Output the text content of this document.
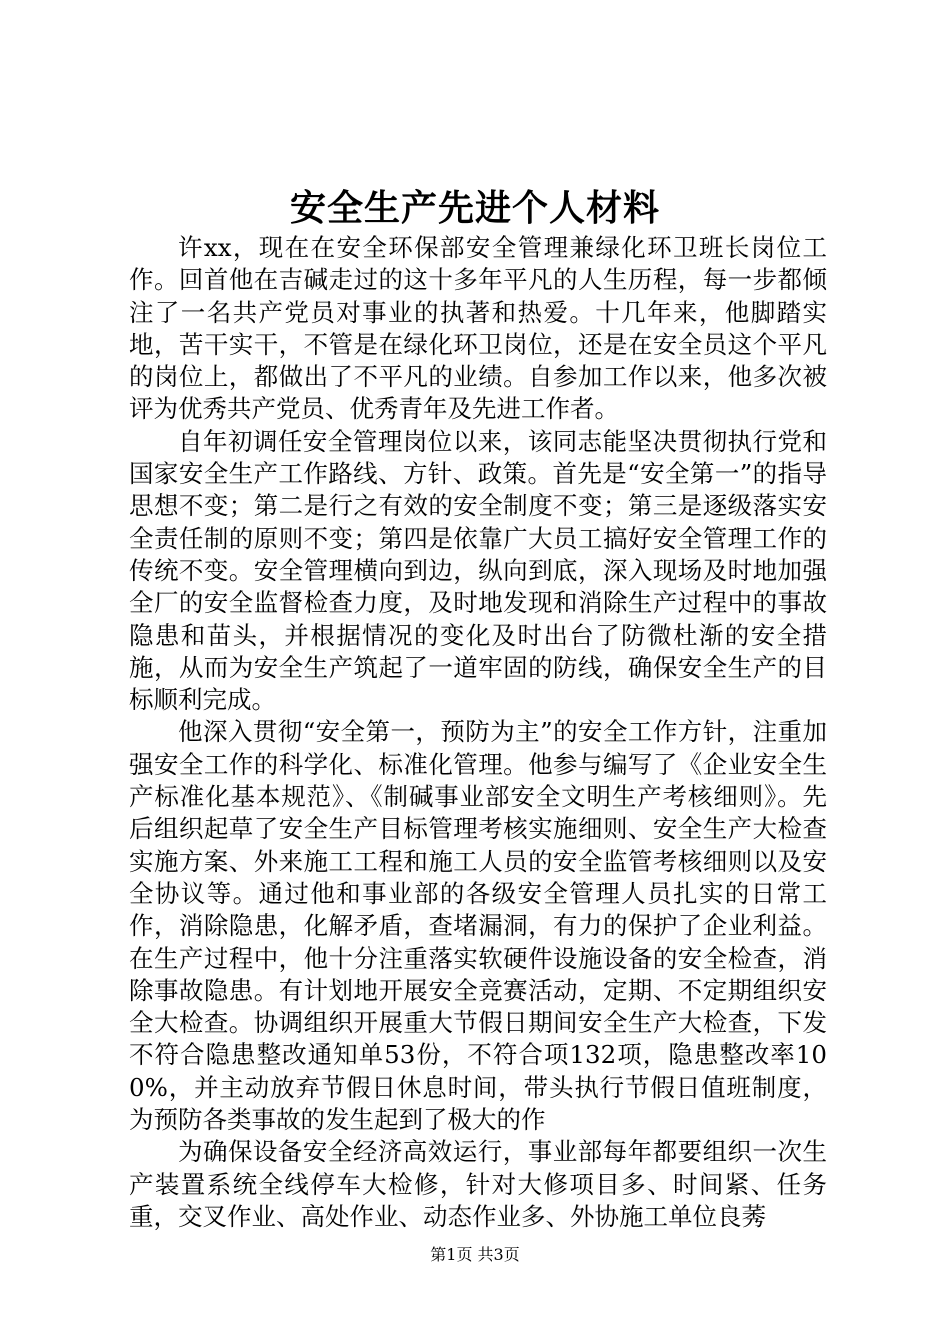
安全生产先进个人材料

许xx，现在在安全环保部安全管理兼绿化环卫班长岗位工作。回首他在吉碱走过的这十多年平凡的人生历程，每一步都倾注了一名共产党员对事业的执著和热爱。十几年来，他脚踏实地，苦干实干，不管是在绿化环卫岗位，还是在安全员这个平凡的岗位上，都做出了不平凡的业绩。自参加工作以来，他多次被评为优秀共产党员、优秀青年及先进工作者。

自年初调任安全管理岗位以来，该同志能坚决贯彻执行党和国家安全生产工作路线、方针、政策。首先是“安全第一”的指导思想不变；第二是行之有效的安全制度不变；第三是逐级落实安全责任制的原则不变；第四是依靠广大员工搞好安全管理工作的传统不变。安全管理横向到边，纵向到底，深入现场及时地加强全厂的安全监督检查力度，及时地发现和消除生产过程中的事故隐患和苗头，并根据情况的变化及时出台了防微杜渐的安全措施，从而为安全生产筑起了一道牢固的防线，确保安全生产的目标顺利完成。

他深入贯彻“安全第一，预防为主”的安全工作方针，注重加强安全工作的科学化、标准化管理。他参与编写了《企业安全生产标准化基本规范》、《制碱事业部安全文明生产考核细则》。先后组织起草了安全生产目标管理考核实施细则、安全生产大检查实施方案、外来施工工程和施工人员的安全监管考核细则以及安全协议等。通过他和事业部的各级安全管理人员扎实的日常工作，消除隐患，化解矛盾，查堵漏洞，有力的保护了企业利益。在生产过程中，他十分注重落实软硬件设施设备的安全检查，消除事故隐患。有计划地开展安全竞赛活动，定期、不定期组织安全大检查。协调组织开展重大节假日期间安全生产大检查，下发不符合隐患整改通知单53份，不符合项132项，隐患整改率100%，并主动放弃节假日休息时间，带头执行节假日值班制度，为预防各类事故的发生起到了极大的作

为确保设备安全经济高效运行，事业部每年都要组织一次生产装置系统全线停车大检修，针对大修项目多、时间紧、任务重，交叉作业、高处作业、动态作业多、外协施工单位良莠

第1页 共3页
